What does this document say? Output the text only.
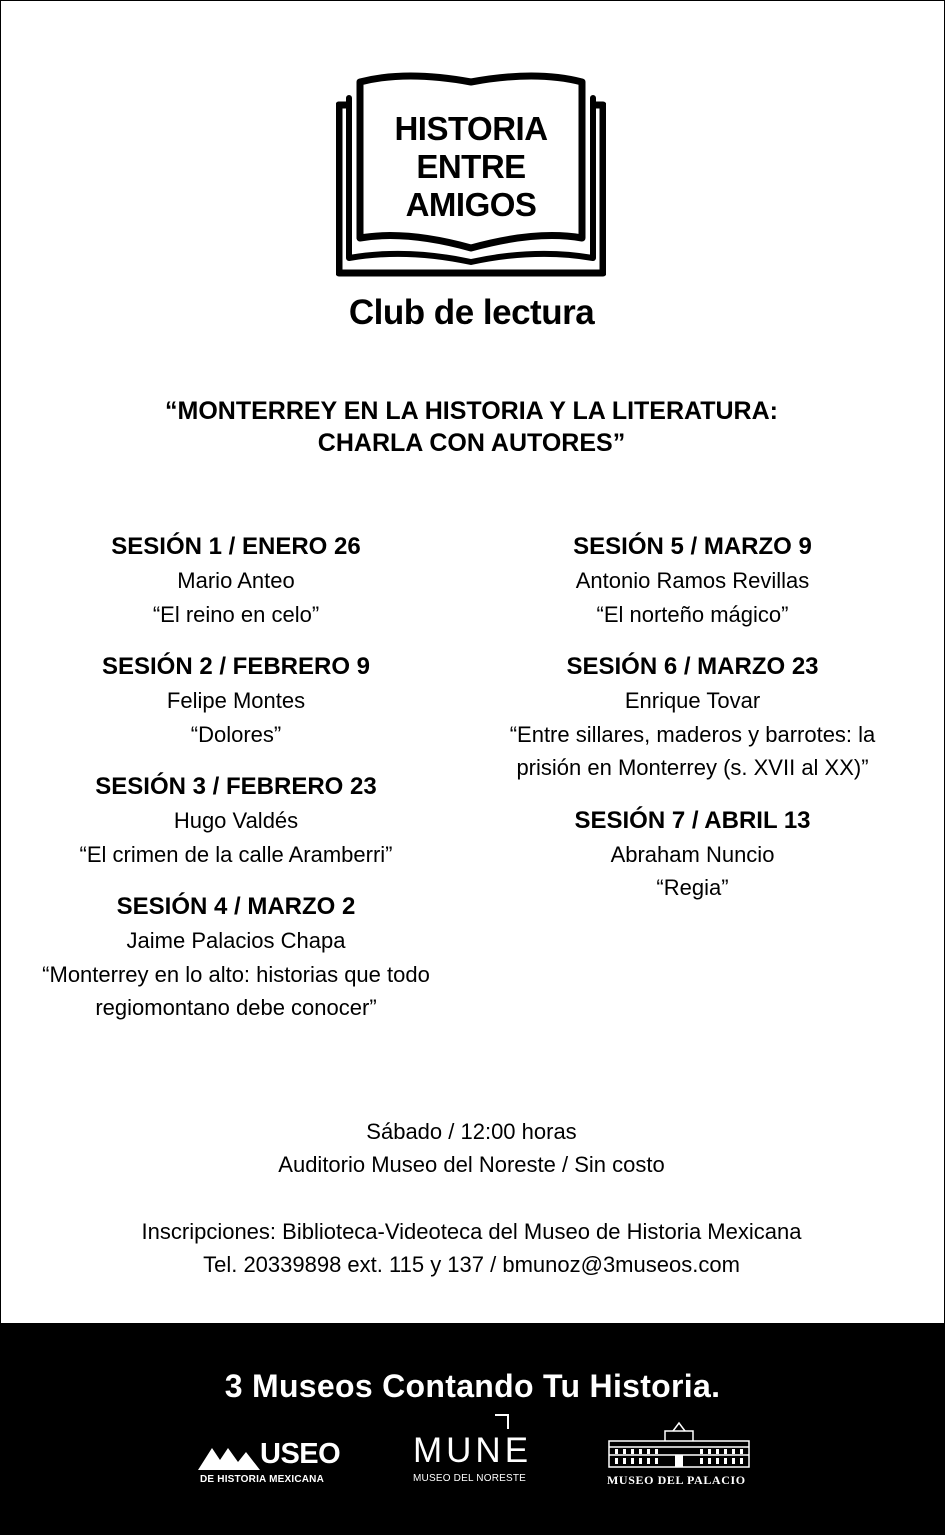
HISTORIA
ENTRE
AMIGOS
Club de lectura
“MONTERREY EN LA HISTORIA Y LA LITERATURA:
CHARLA CON AUTORES”
SESIÓN 1 / ENERO 26
Mario Anteo
“El reino en celo”
SESIÓN 2 / FEBRERO 9
Felipe Montes
“Dolores”
SESIÓN 3 / FEBRERO 23
Hugo Valdés
“El crimen de la calle Aramberri”
SESIÓN 4 / MARZO 2
Jaime Palacios Chapa
“Monterrey en lo alto: historias que todo
regiomontano debe conocer”
SESIÓN 5 / MARZO 9
Antonio Ramos Revillas
“El norteño mágico”
SESIÓN 6 / MARZO 23
Enrique Tovar
“Entre sillares, maderos y barrotes: la
prisión en Monterrey (s. XVII al XX)”
SESIÓN 7 / ABRIL 13
Abraham Nuncio
“Regia”
Sábado / 12:00 horas
Auditorio Museo del Noreste / Sin costo
Inscripciones: Biblioteca-Videoteca del Museo de Historia Mexicana
Tel. 20339898 ext. 115 y 137 / bmunoz@3museos.com
3 Museos Contando Tu Historia.
USEO
DE HISTORIA MEXICANA
MUNE
MUSEO DEL NORESTE	MUSEO DEL PALACIO
